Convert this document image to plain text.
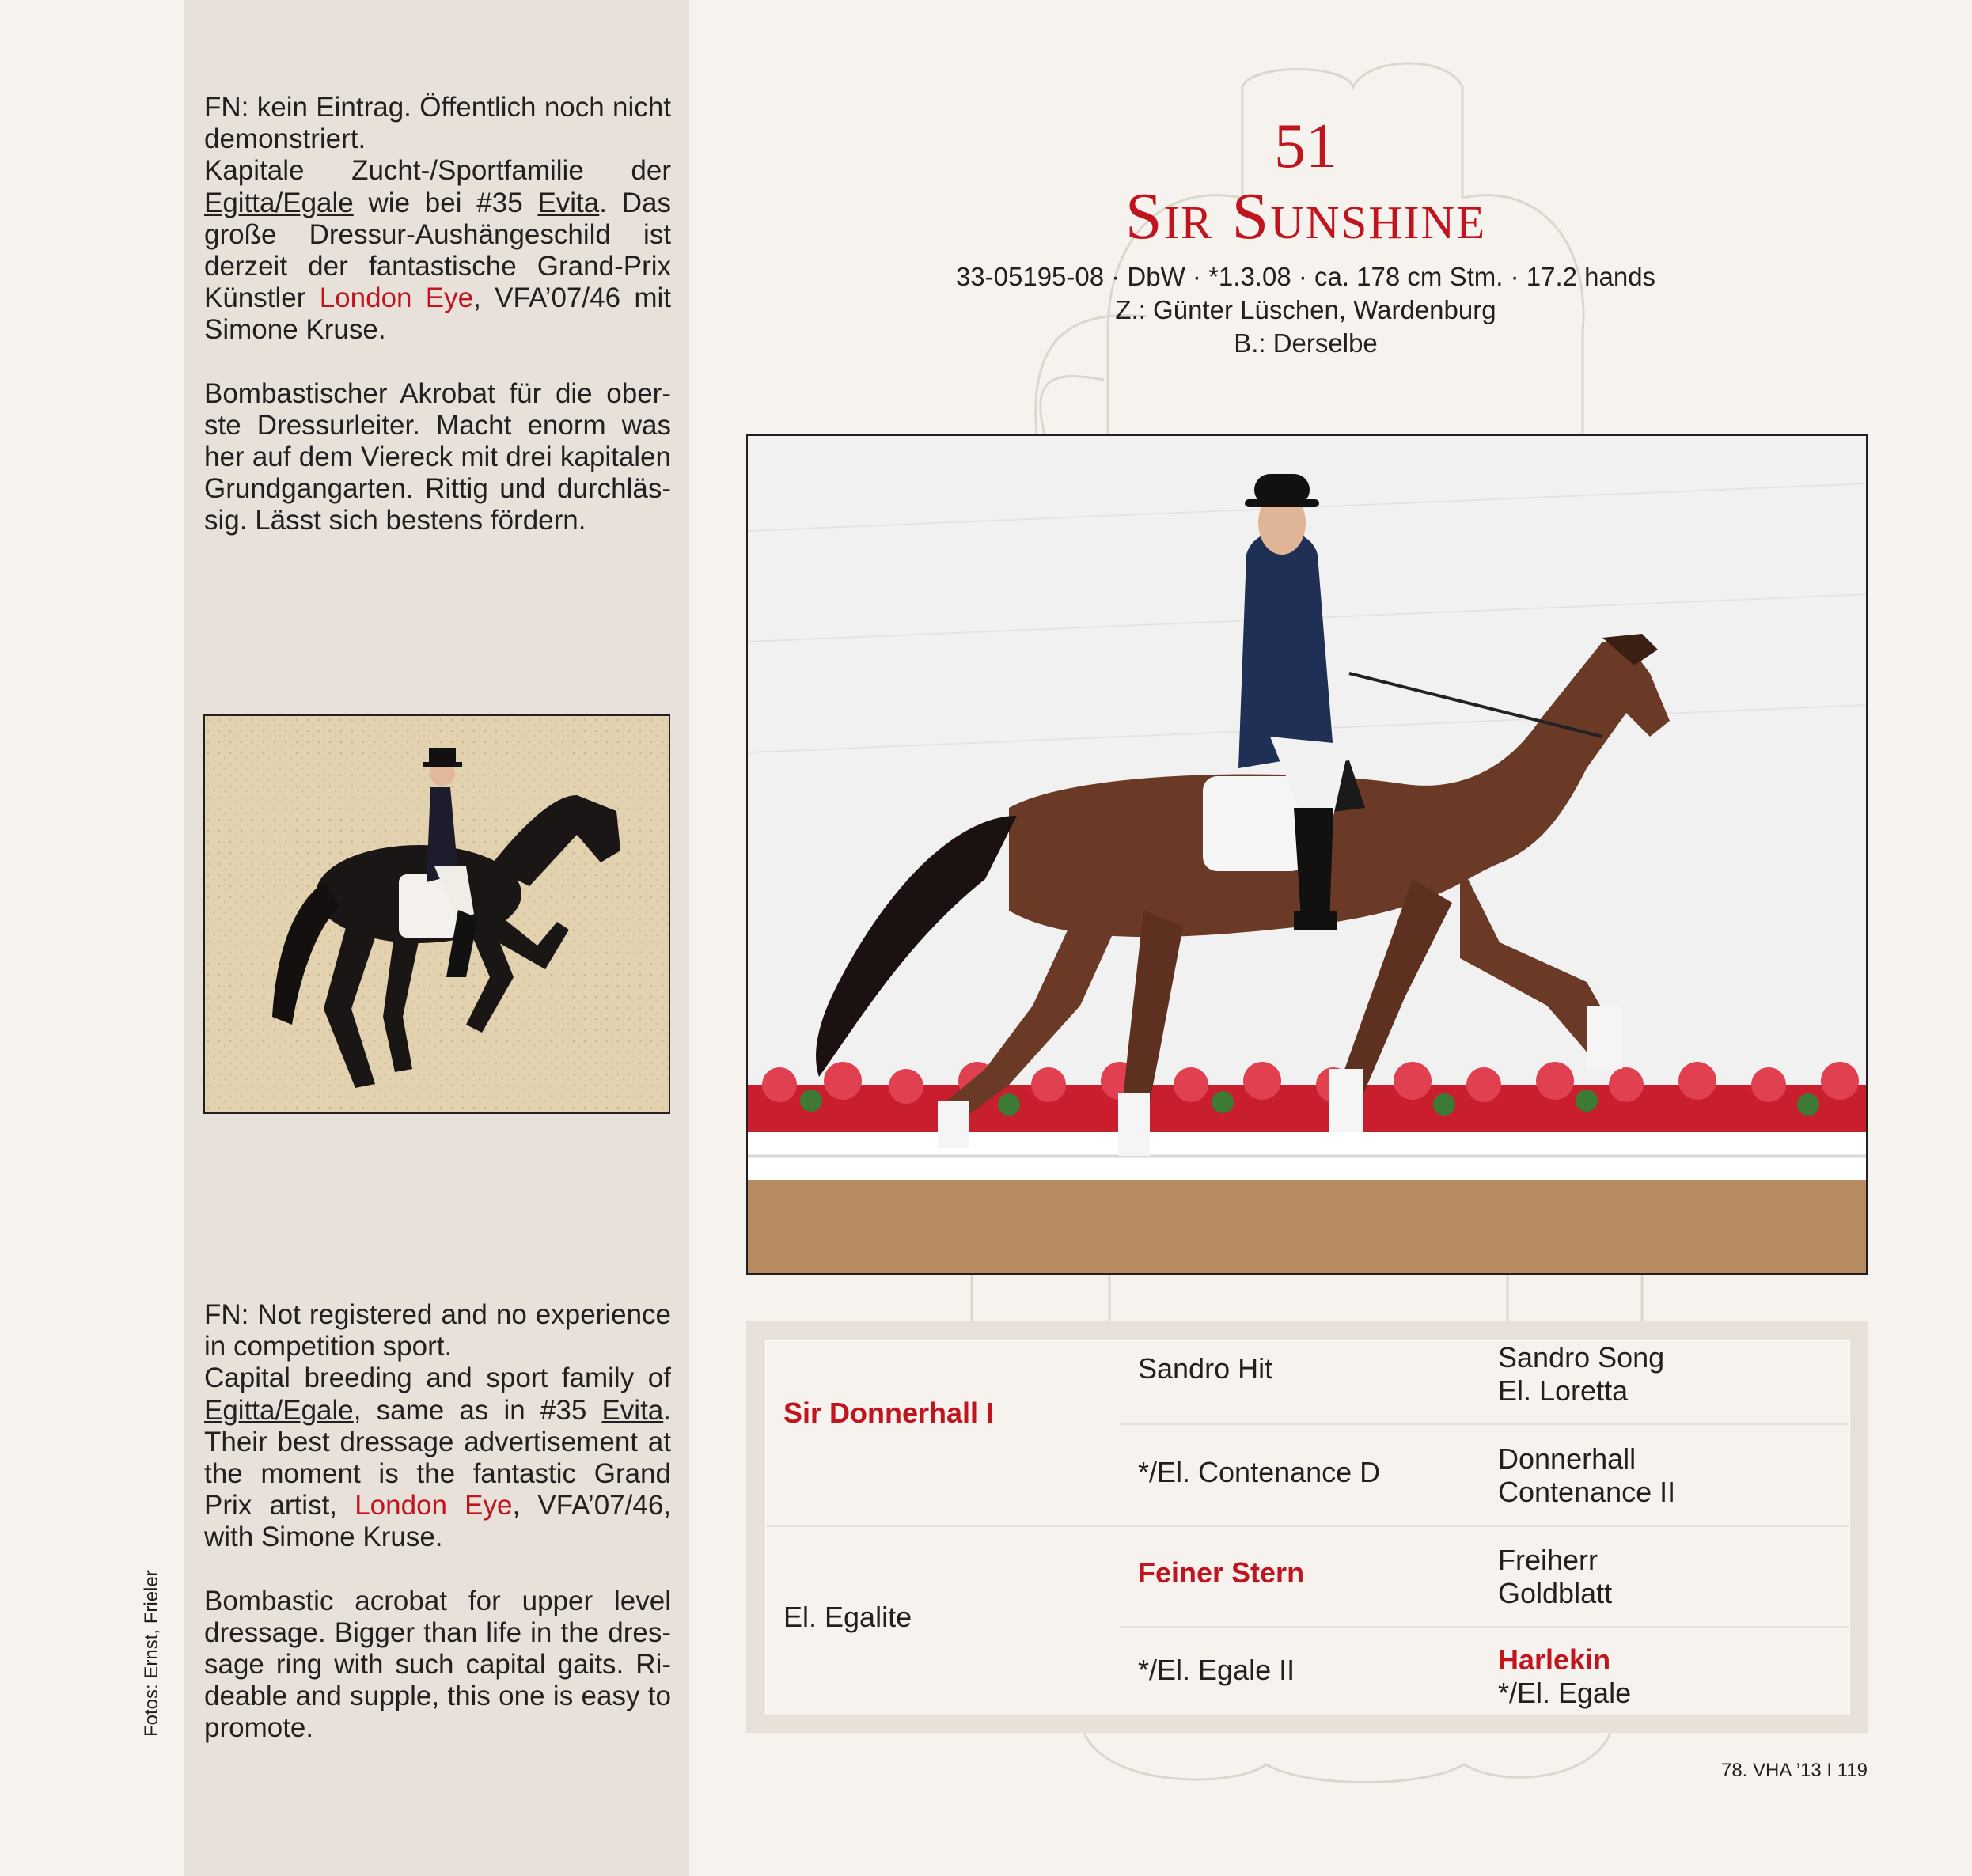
FN: kein Eintrag. Öffentlich noch nicht demonstriert.
Kapitale Zucht-/Sportfamilie der Egitta/Egale wie bei #35 Evita. Das große Dressur-Aushängeschild ist derzeit der fantastische Grand-Prix Künstler London Eye, VFA’07/46 mit Simone Kruse.

Bombastischer Akrobat für die oberste Dressurleiter. Macht enorm was her auf dem Viereck mit drei kapitalen Grundgangarten. Rittig und durchlässig. Lässt sich bestens fördern.

FN: Not registered and no experience in competition sport.
Capital breeding and sport family of Egitta/Egale, same as in #35 Evita. Their best dressage advertisement at the moment is the fantastic Grand Prix artist, London Eye, VFA’07/46, with Simone Kruse.

Bombastic acrobat for upper level dressage. Bigger than life in the dressage ring with such capital gaits. Rideable and supple, this one is easy to promote.

Fotos: Ernst, Frieler
51
Sir Sunshine
33-05195-08 · DbW · *1.3.08 · ca. 178 cm Stm. · 17.2 hands
Z.: Günter Lüschen, Wardenburg
B.: Derselbe
Sir Donnerhall I
El. Egalite
Sandro Hit
*/El. Contenance D
Feiner Stern
*/El. Egale II
Sandro Song
El. Loretta
Donnerhall
Contenance II
Freiherr
Goldblatt
Harlekin
*/El. Egale
78. VHA ’13 I 119
